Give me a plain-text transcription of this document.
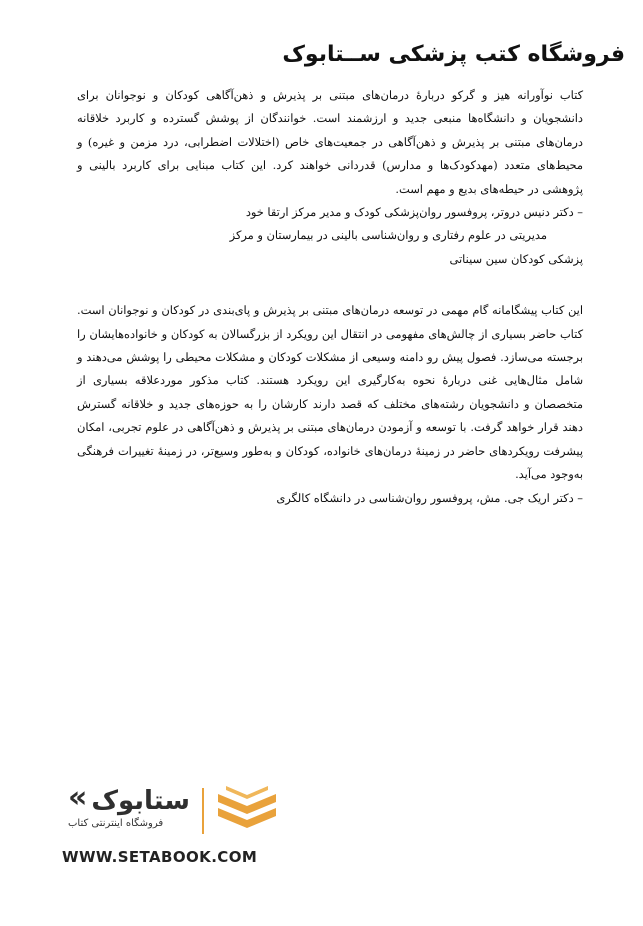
فروشگاه کتب پزشکی ســتابوک

کتاب نوآورانه هیز و گرکو دربارهٔ درمان‌های مبتنی بر پذیرش و ذهن‌آگاهی کودکان و نوجوانان برای دانشجویان و دانشگاه‌ها منبعی جدید و ارزشمند است. خوانندگان از پوشش گسترده و کاربرد خلاقانه درمان‌های مبتنی بر پذیرش و ذهن‌آگاهی در جمعیت‌های خاص (اختلالات اضطرابی، درد مزمن و غیره) و محیط‌های متعدد (مهدکودک‌ها و مدارس) قدردانی خواهند کرد. این کتاب مبنایی برای کاربرد بالینی و پژوهشی در حیطه‌های بدیع و مهم است.

– دکتر دنیس دروتر، پروفسور روان‌پزشکی کودک و مدیر مرکز ارتقا خود
مدیریتی در علوم رفتاری و روان‌شناسی بالینی در بیمارستان و مرکز
پزشکی کودکان سین سیناتی

این کتاب پیشگامانه گام مهمی در توسعه درمان‌های مبتنی بر پذیرش و پای‌بندی در کودکان و نوجوانان است. کتاب حاضر بسیاری از چالش‌های مفهومی در انتقال این رویکرد از بزرگسالان به کودکان و خانواده‌هایشان را برجسته می‌سازد. فصول پیش رو دامنه وسیعی از مشکلات کودکان و مشکلات محیطی را پوشش می‌دهند و شامل مثال‌هایی غنی دربارهٔ نحوه به‌کارگیری این رویکرد هستند. کتاب مذکور موردعلاقه بسیاری از متخصصان و دانشجویان رشته‌های مختلف که قصد دارند کارشان را به حوزه‌های جدید و خلاقانه گسترش دهند قرار خواهد گرفت. با توسعه و آزمودن درمان‌های مبتنی بر پذیرش و ذهن‌آگاهی در علوم تجربی، امکان پیشرفت رویکردهای حاضر در زمینهٔ درمان‌های خانواده، کودکان و به‌طور وسیع‌تر، در زمینهٔ تغییرات فرهنگی به‌وجود می‌آید.

– دکتر اریک جی. مش، پروفسور روان‌شناسی در دانشگاه کالگری
« ستابوک
فروشگاه اینترنتی کتاب
WWW.SETABOOK.COM
